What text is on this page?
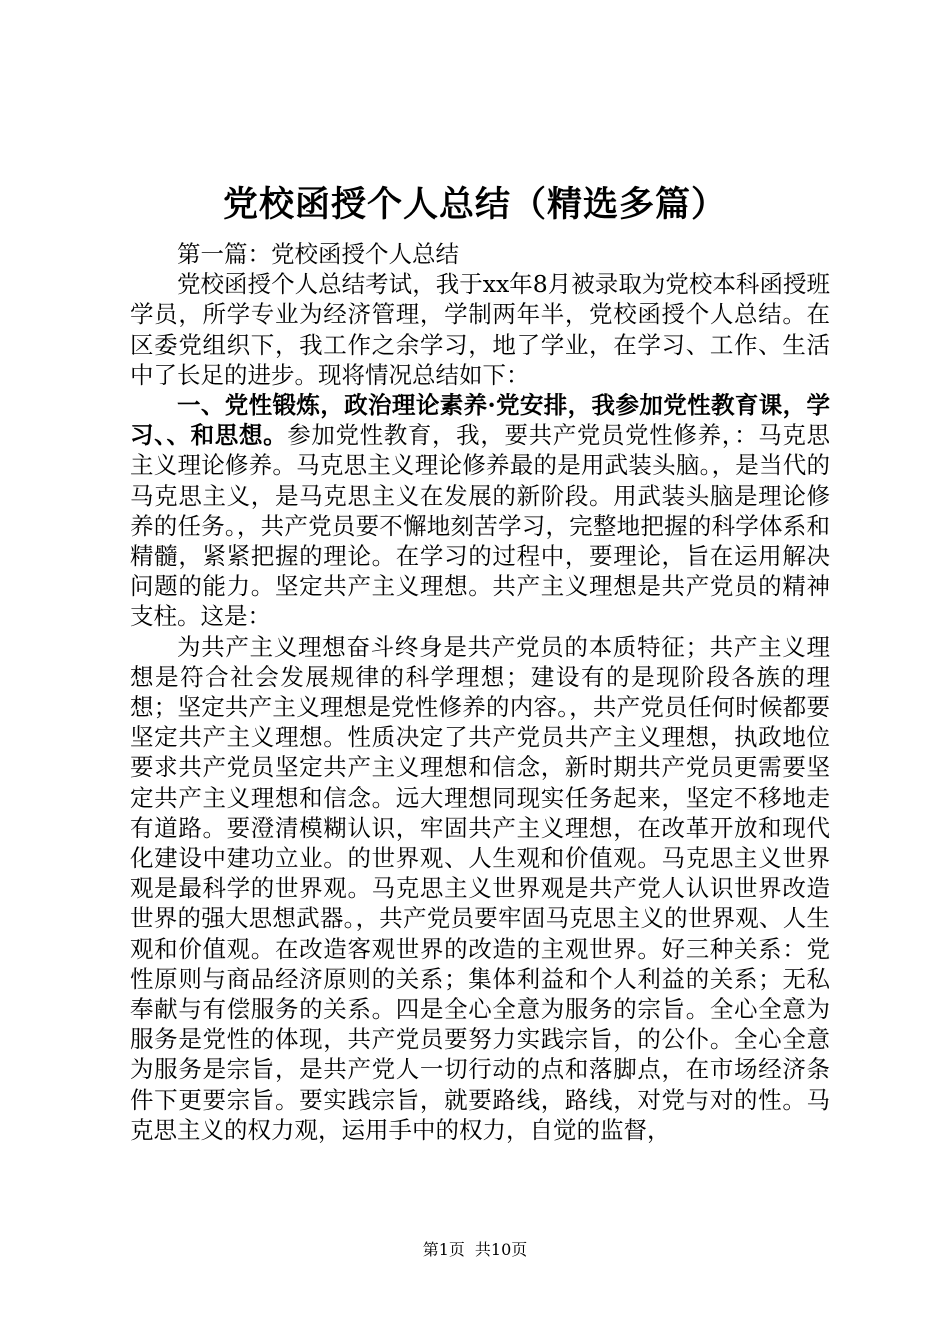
党校函授个人总结（精选多篇）

第一篇：党校函授个人总结

党校函授个人总结考试，我于xx年8月被录取为党校本科函授班学员，所学专业为经济管理，学制两年半，党校函授个人总结。在区委党组织下，我工作之余学习，地了学业，在学习、工作、生活中了长足的进步。现将情况总结如下：

一、党性锻炼，政治理论素养·党安排，我参加党性教育课，学习、、和思想。参加党性教育，我，要共产党员党性修养，：马克思主义理论修养。马克思主义理论修养最的是用武装头脑。，是当代的马克思主义，是马克思主义在发展的新阶段。用武装头脑是理论修养的任务。，共产党员要不懈地刻苦学习，完整地把握的科学体系和精髓，紧紧把握的理论。在学习的过程中，要理论，旨在运用解决问题的能力。坚定共产主义理想。共产主义理想是共产党员的精神支柱。这是：

为共产主义理想奋斗终身是共产党员的本质特征；共产主义理想是符合社会发展规律的科学理想；建设有的是现阶段各族的理想；坚定共产主义理想是党性修养的内容。，共产党员任何时候都要坚定共产主义理想。性质决定了共产党员共产主义理想，执政地位要求共产党员坚定共产主义理想和信念，新时期共产党员更需要坚定共产主义理想和信念。远大理想同现实任务起来，坚定不移地走有道路。要澄清模糊认识，牢固共产主义理想，在改革开放和现代化建设中建功立业。的世界观、人生观和价值观。马克思主义世界观是最科学的世界观。马克思主义世界观是共产党人认识世界改造世界的强大思想武器。，共产党员要牢固马克思主义的世界观、人生观和价值观。在改造客观世界的改造的主观世界。好三种关系：党性原则与商品经济原则的关系；集体利益和个人利益的关系；无私奉献与有偿服务的关系。四是全心全意为服务的宗旨。全心全意为服务是党性的体现，共产党员要努力实践宗旨，的公仆。全心全意为服务是宗旨，是共产党人一切行动的点和落脚点，在市场经济条件下更要宗旨。要实践宗旨，就要路线，路线，对党与对的性。马克思主义的权力观，运用手中的权力，自觉的监督，

第1页 共10页
